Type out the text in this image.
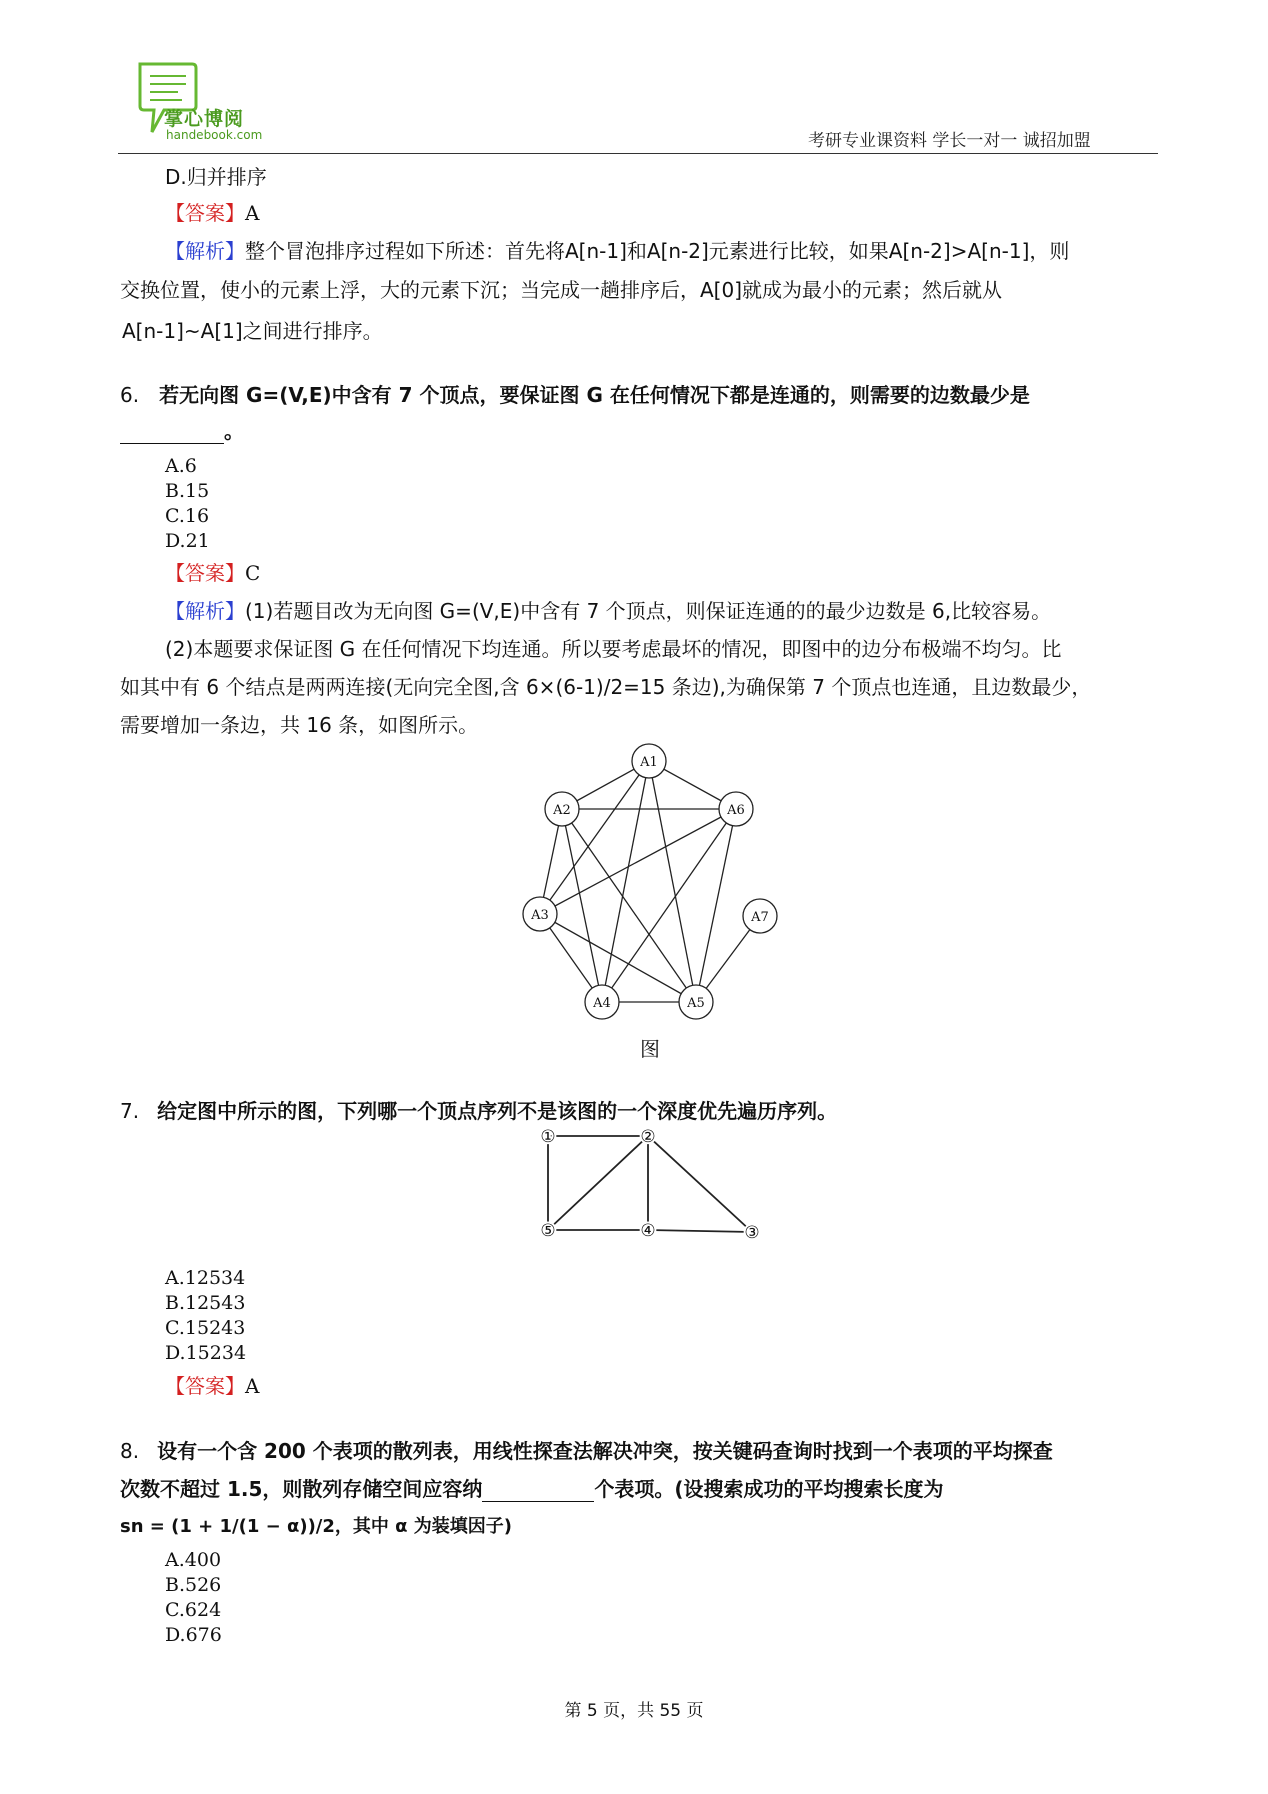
掌心博阅
handebook.com	考研专业课资料 学长一对一 诚招加盟
D.归并排序
【答案】A
【解析】整个冒泡排序过程如下所述：首先将A[n-1]和A[n-2]元素进行比较，如果A[n-2]>A[n-1]，则
交换位置，使小的元素上浮，大的元素下沉；当完成一趟排序后，A[0]就成为最小的元素；然后就从
A[n-1]~A[1]之间进行排序。
6. 若无向图 G=(V,E)中含有 7 个顶点，要保证图 G 在任何情况下都是连通的，则需要的边数最少是
。
A.6
B.15
C.16
D.21
【答案】C
【解析】(1)若题目改为无向图 G=(V,E)中含有 7 个顶点，则保证连通的的最少边数是 6,比较容易。
(2)本题要求保证图 G 在任何情况下均连通。所以要考虑最坏的情况，即图中的边分布极端不均匀。比
如其中有 6 个结点是两两连接(无向完全图,含 6×(6-1)/2=15 条边),为确保第 7 个顶点也连通，且边数最少，
需要增加一条边，共 16 条，如图所示。
A1
A2	A6
A3	A7
A4	A5
图
7. 给定图中所示的图，下列哪一个顶点序列不是该图的一个深度优先遍历序列。
①	②
⑤	④	③
A.12534
B.12543
C.15243
D.15234
【答案】A
8. 设有一个含 200 个表项的散列表，用线性探查法解决冲突，按关键码查询时找到一个表项的平均探查
次数不超过 1.5，则散列存储空间应容纳	个表项。(设搜索成功的平均搜索长度为
sn = (1 + 1/(1 − α))/2，其中 α 为装填因子)
A.400
B.526
C.624
D.676
第 5 页，共 55 页
